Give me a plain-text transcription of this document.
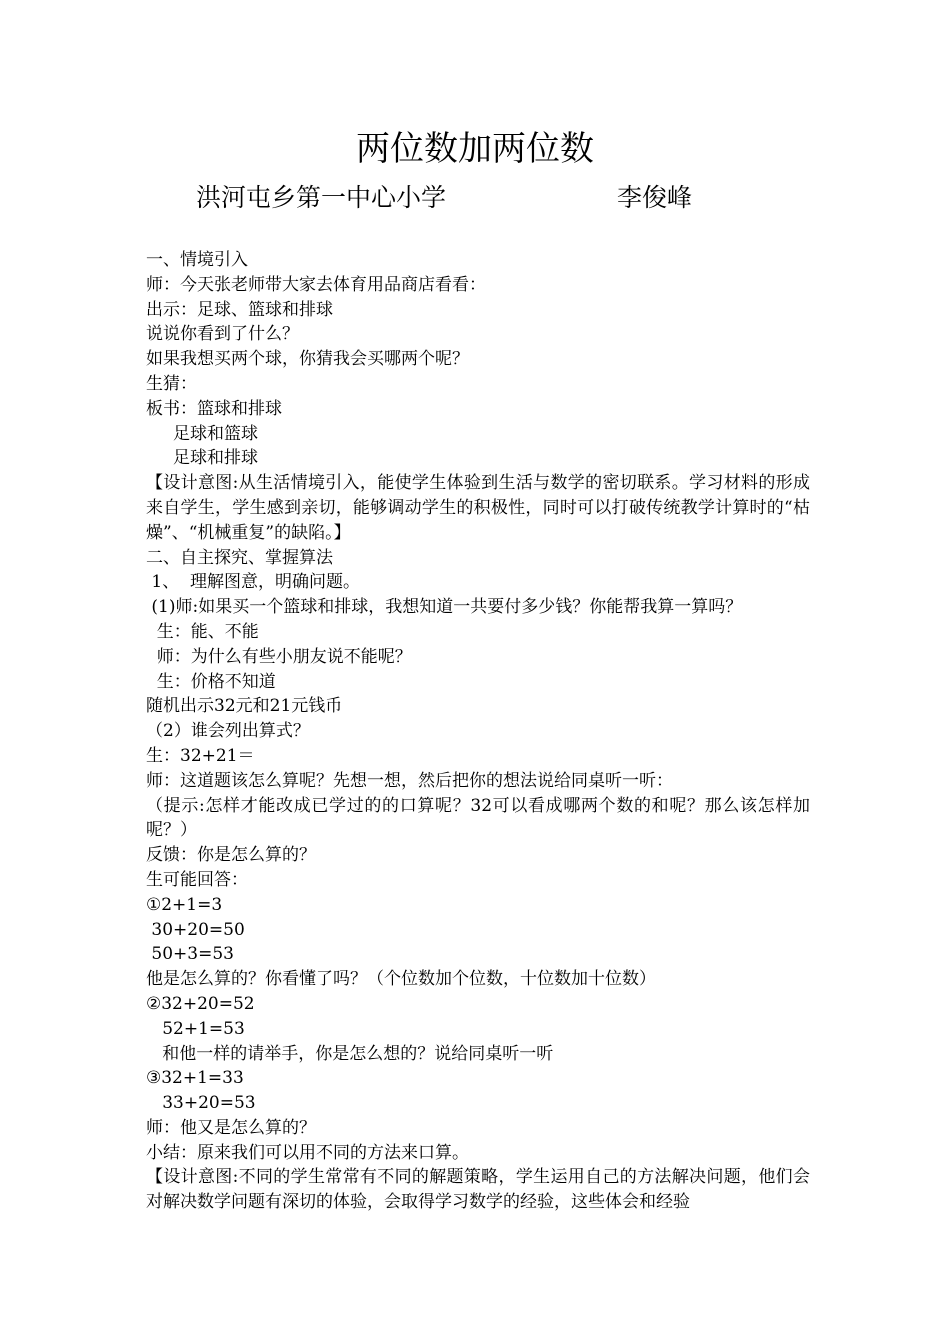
两位数加两位数
洪河屯乡第一中心小学	李俊峰
一、情境引入
师：今天张老师带大家去体育用品商店看看：
出示：足球、篮球和排球
说说你看到了什么？
如果我想买两个球，你猜我会买哪两个呢？
生猜：
板书：篮球和排球
足球和篮球
足球和排球
【设计意图:从生活情境引入，能使学生体验到生活与数学的密切联系。学习材料的形成来自学生，学生感到亲切，能够调动学生的积极性，同时可以打破传统教学计算时的“枯燥”、“机械重复”的缺陷。】
二、自主探究、掌握算法
1、  理解图意，明确问题。
(1)师:如果买一个篮球和排球，我想知道一共要付多少钱？你能帮我算一算吗？
生：能、不能
师：为什么有些小朋友说不能呢？
生：价格不知道
随机出示32元和21元钱币
（2）谁会列出算式？
生：32+21＝
师：这道题该怎么算呢？先想一想，然后把你的想法说给同桌听一听：
（提示:怎样才能改成已学过的的口算呢？32可以看成哪两个数的和呢？那么该怎样加呢？）
反馈：你是怎么算的？
生可能回答：
①2+1=3
30+20=50
50+3=53
他是怎么算的？你看懂了吗？（个位数加个位数，十位数加十位数）
②32+20=52
52+1=53
和他一样的请举手，你是怎么想的？说给同桌听一听
③32+1=33
33+20=53
师：他又是怎么算的？
小结：原来我们可以用不同的方法来口算。
【设计意图:不同的学生常常有不同的解题策略，学生运用自己的方法解决问题，他们会对解决数学问题有深切的体验，会取得学习数学的经验，这些体会和经验
